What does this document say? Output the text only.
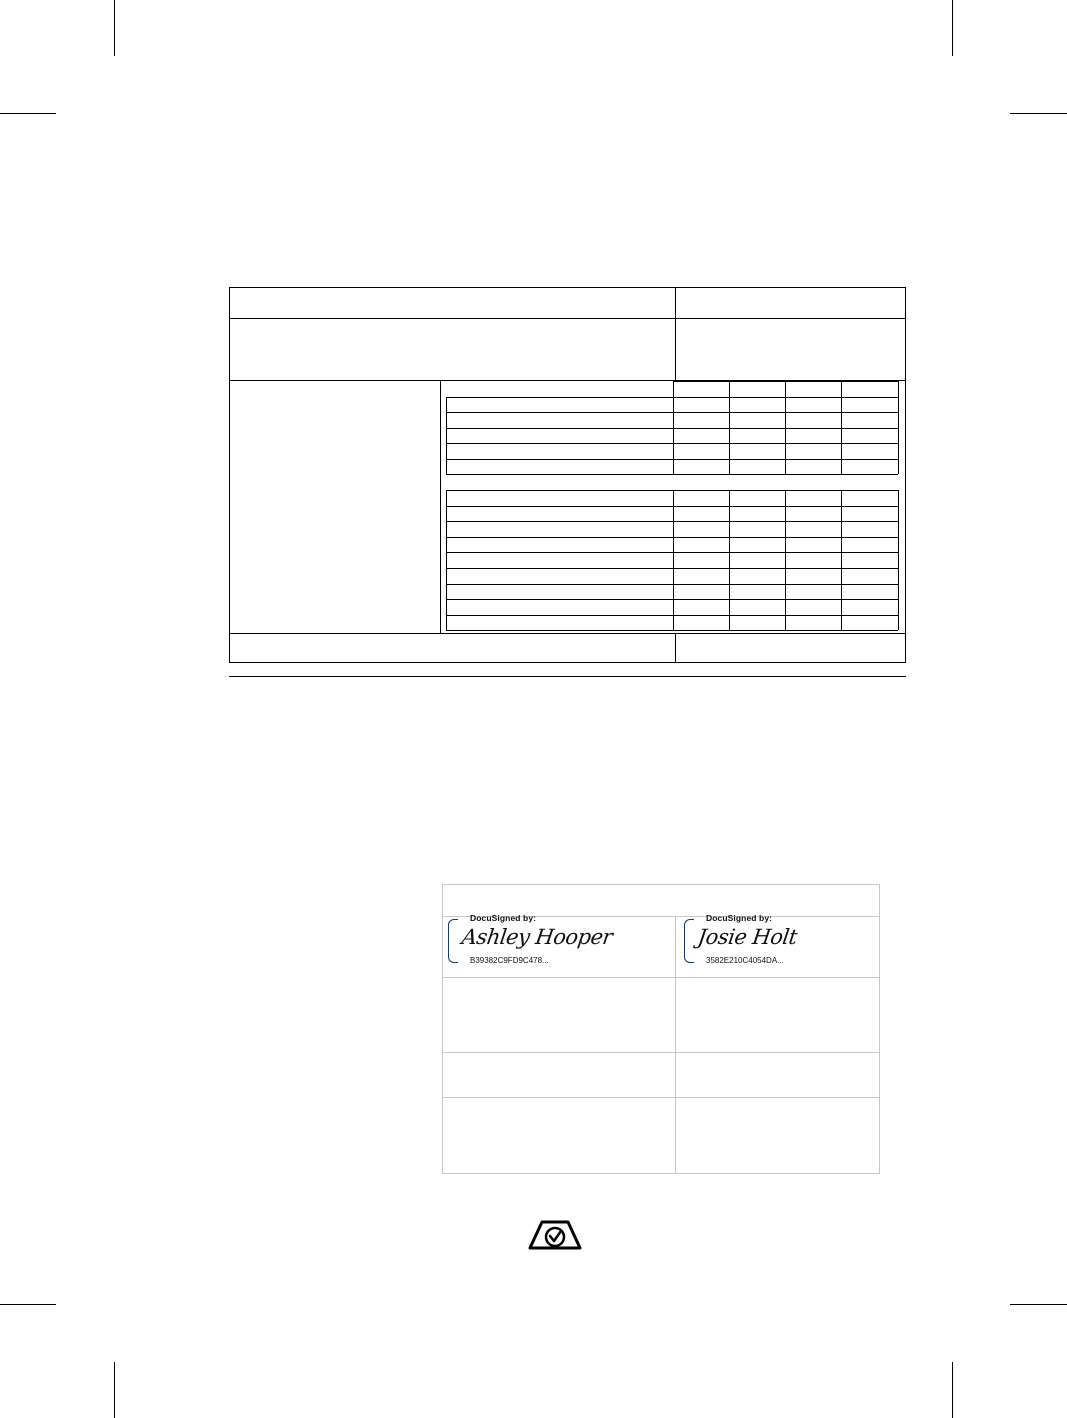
DocuSigned by:
Ashley Hooper
B39382C9FD9C478...
DocuSigned by:
Josie Holt
3582E210C4054DA...
